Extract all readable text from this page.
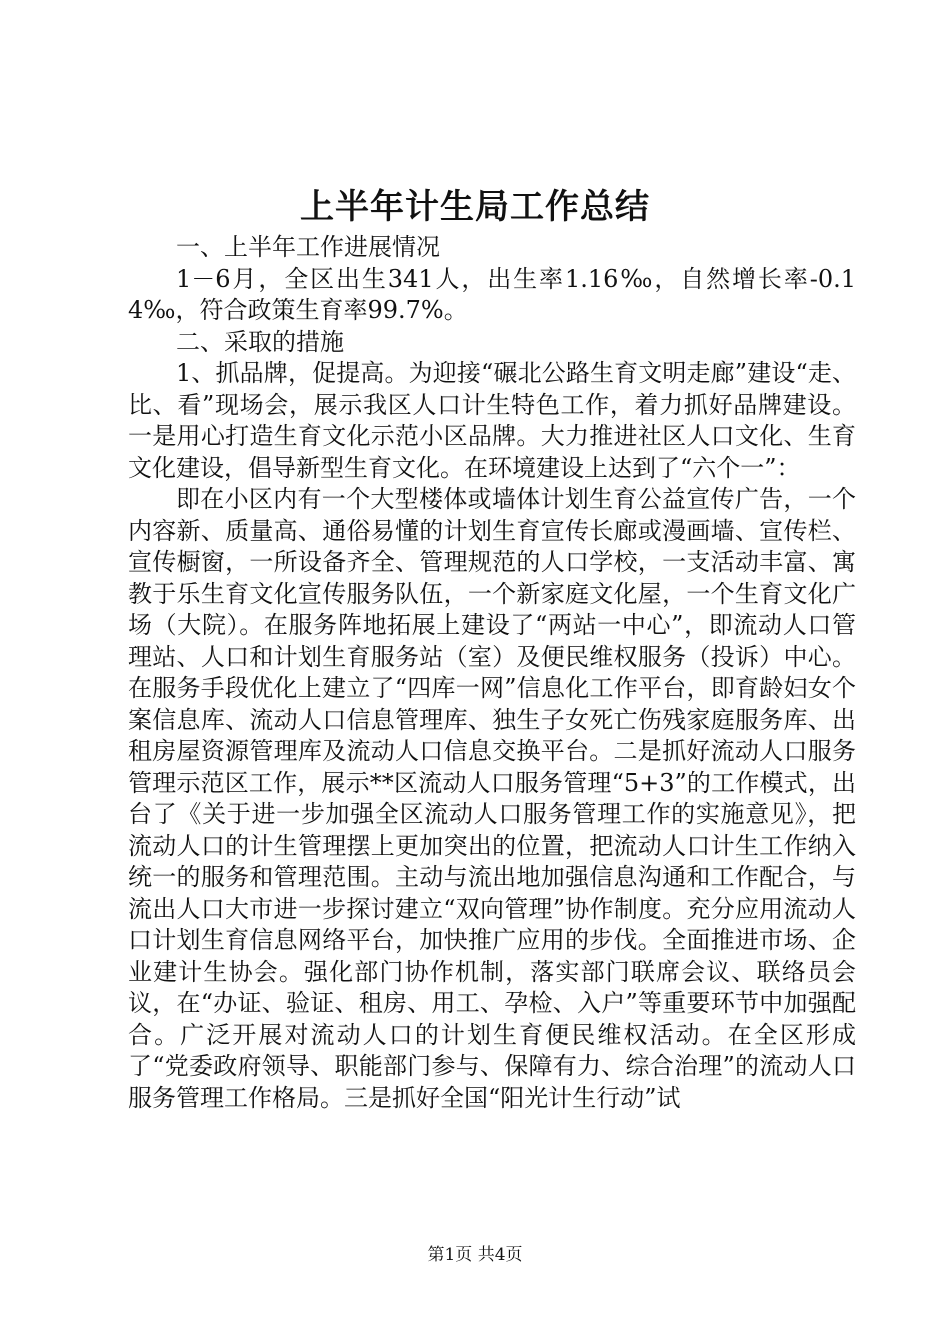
上半年计生局工作总结

一、上半年工作进展情况

1－6月，全区出生341人，出生率1.16‰，自然增长率-0.14‰，符合政策生育率99.7%。

二、采取的措施

1、抓品牌，促提高。为迎接“碾北公路生育文明走廊”建设“走、比、看”现场会，展示我区人口计生特色工作，着力抓好品牌建设。一是用心打造生育文化示范小区品牌。大力推进社区人口文化、生育文化建设，倡导新型生育文化。在环境建设上达到了“六个一”：

即在小区内有一个大型楼体或墙体计划生育公益宣传广告，一个内容新、质量高、通俗易懂的计划生育宣传长廊或漫画墙、宣传栏、宣传橱窗，一所设备齐全、管理规范的人口学校，一支活动丰富、寓教于乐生育文化宣传服务队伍，一个新家庭文化屋，一个生育文化广场（大院）。在服务阵地拓展上建设了“两站一中心”，即流动人口管理站、人口和计划生育服务站（室）及便民维权服务（投诉）中心。在服务手段优化上建立了“四库一网”信息化工作平台，即育龄妇女个案信息库、流动人口信息管理库、独生子女死亡伤残家庭服务库、出租房屋资源管理库及流动人口信息交换平台。二是抓好流动人口服务管理示范区工作，展示**区流动人口服务管理“5+3”的工作模式，出台了《关于进一步加强全区流动人口服务管理工作的实施意见》，把流动人口的计生管理摆上更加突出的位置，把流动人口计生工作纳入统一的服务和管理范围。主动与流出地加强信息沟通和工作配合，与流出人口大市进一步探讨建立“双向管理”协作制度。充分应用流动人口计划生育信息网络平台，加快推广应用的步伐。全面推进市场、企业建计生协会。强化部门协作机制，落实部门联席会议、联络员会议，在“办证、验证、租房、用工、孕检、入户”等重要环节中加强配合。广泛开展对流动人口的计划生育便民维权活动。在全区形成了“党委政府领导、职能部门参与、保障有力、综合治理”的流动人口服务管理工作格局。三是抓好全国“阳光计生行动”试

第1页 共4页
